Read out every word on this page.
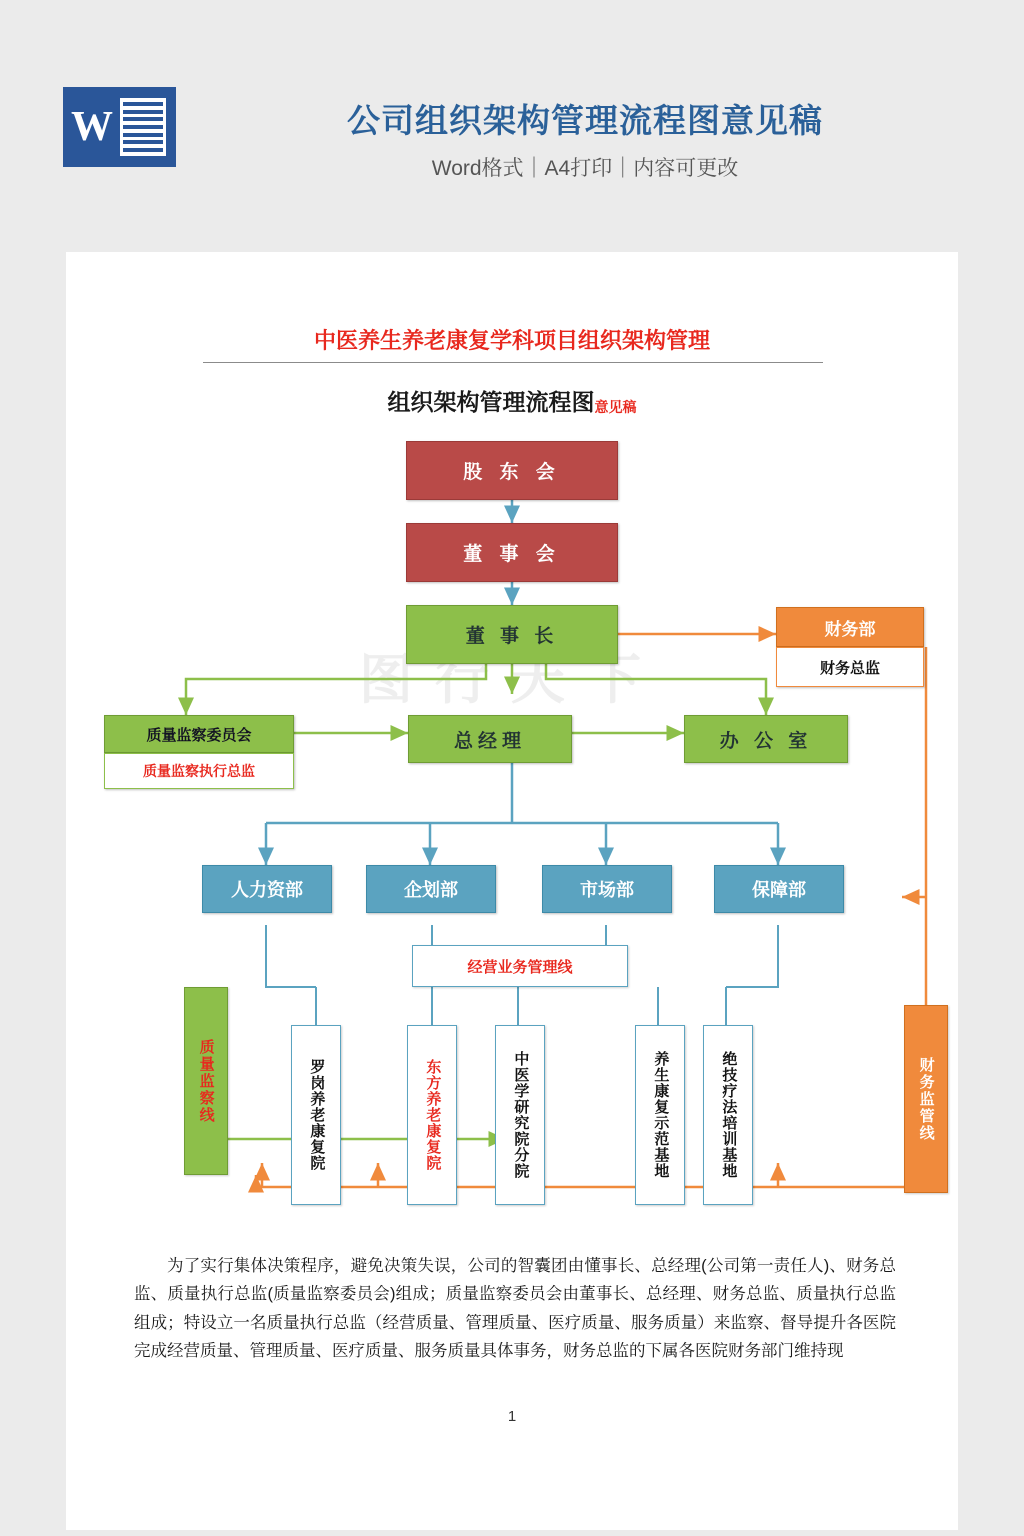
W	公司组织架构管理流程图意见稿
Word格式｜A4打印｜内容可更改
中医养生养老康复学科项目组织架构管理
组织架构管理流程图意见稿
图行天下
股 东 会
董 事 会
董 事 长	财务部
财务总监
质量监察委员会
质量监察执行总监
总经理	办 公 室
人力资部	企划部	市场部	保障部
经营业务管理线
质量监察线	财务监管线
罗岗养老康复院	东方养老康复院	中医学研究院分院	养生康复示范基地	绝技疗法培训基地

为了实行集体决策程序，避免决策失误，公司的智囊团由懂事长、总经理(公司第一责任人)、财务总监、质量执行总监(质量监察委员会)组成；质量监察委员会由董事长、总经理、财务总监、质量执行总监组成；特设立一名质量执行总监（经营质量、管理质量、医疗质量、服务质量）来监察、督导提升各医院完成经营质量、管理质量、医疗质量、服务质量具体事务，财务总监的下属各医院财务部门维持现

1
